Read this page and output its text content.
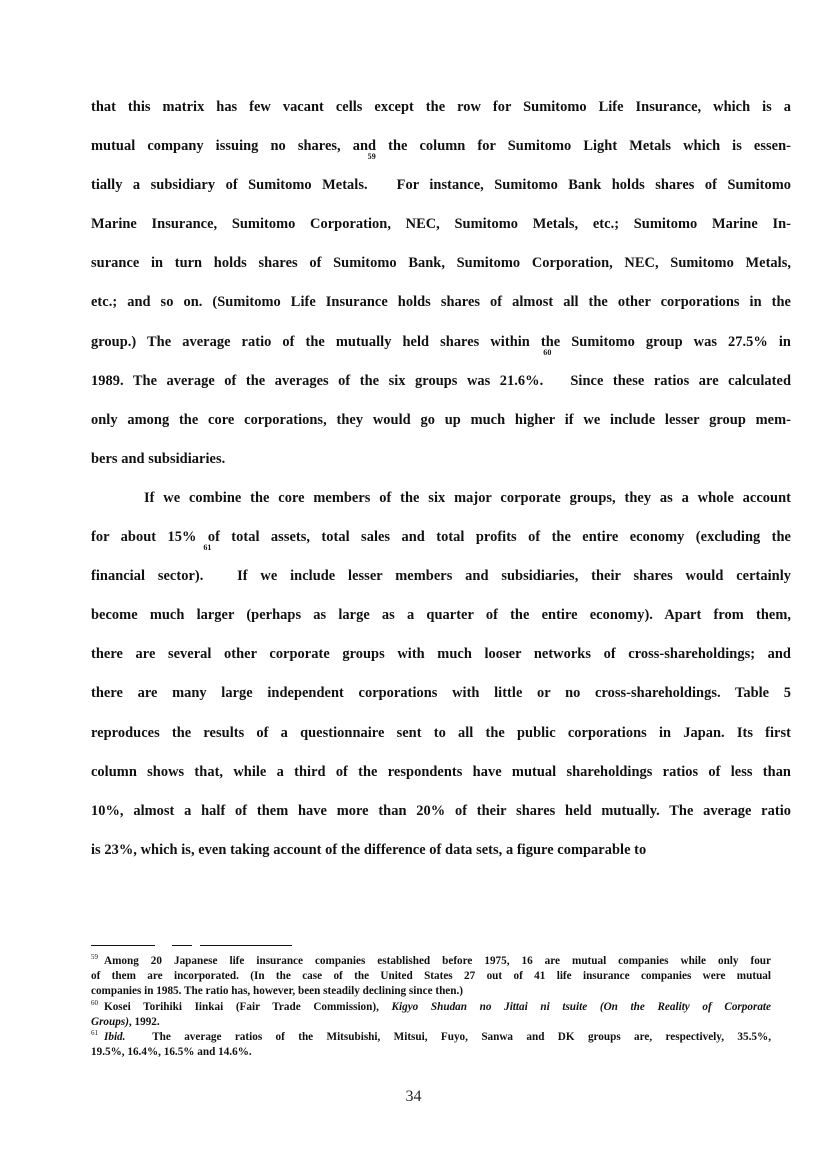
that this matrix has few vacant cells except the row for Sumitomo Life Insurance, which is a
mutual company issuing no shares, and the column for Sumitomo Light Metals which is essen-
tially a subsidiary of Sumitomo Metals.$^{59}$  For instance, Sumitomo Bank holds shares of Sumitomo
Marine Insurance, Sumitomo Corporation, NEC, Sumitomo Metals, etc.; Sumitomo Marine In-
surance in turn holds shares of Sumitomo Bank, Sumitomo Corporation, NEC, Sumitomo Metals,
etc.; and so on. (Sumitomo Life Insurance holds shares of almost all the other corporations in the
group.) The average ratio of the mutually held shares within the Sumitomo group was 27.5% in
1989. The average of the averages of the six groups was 21.6%.$^{60}$  Since these ratios are calculated
only among the core corporations, they would go up much higher if we include lesser group mem-
bers and subsidiaries.
If we combine the core members of the six major corporate groups, they as a whole account
for about 15% of total assets, total sales and total profits of the entire economy (excluding the
financial sector).$^{61}$  If we include lesser members and subsidiaries, their shares would certainly
become much larger (perhaps as large as a quarter of the entire economy). Apart from them,
there are several other corporate groups with much looser networks of cross-shareholdings; and
there are many large independent corporations with little or no cross-shareholdings. Table 5
reproduces the results of a questionnaire sent to all the public corporations in Japan. Its first
column shows that, while a third of the respondents have mutual shareholdings ratios of less than
10%, almost a half of them have more than 20% of their shares held mutually. The average ratio
is 23%, which is, even taking account of the difference of data sets, a figure comparable to
$^{59}$ Among 20 Japanese life insurance companies established before 1975, 16 are mutual companies while only four
of them are incorporated. (In the case of the United States 27 out of 41 life insurance companies were mutual
companies in 1985. The ratio has, however, been steadily declining since then.)
$^{60}$ Kosei Torihiki Iinkai (Fair Trade Commission), Kigyo Shudan no Jittai ni tsuite (On the Reality of Corporate
Groups), 1992.
$^{61}$ Ibid. The average ratios of the Mitsubishi, Mitsui, Fuyo, Sanwa and DK groups are, respectively, 35.5%,
19.5%, 16.4%, 16.5% and 14.6%.
34
